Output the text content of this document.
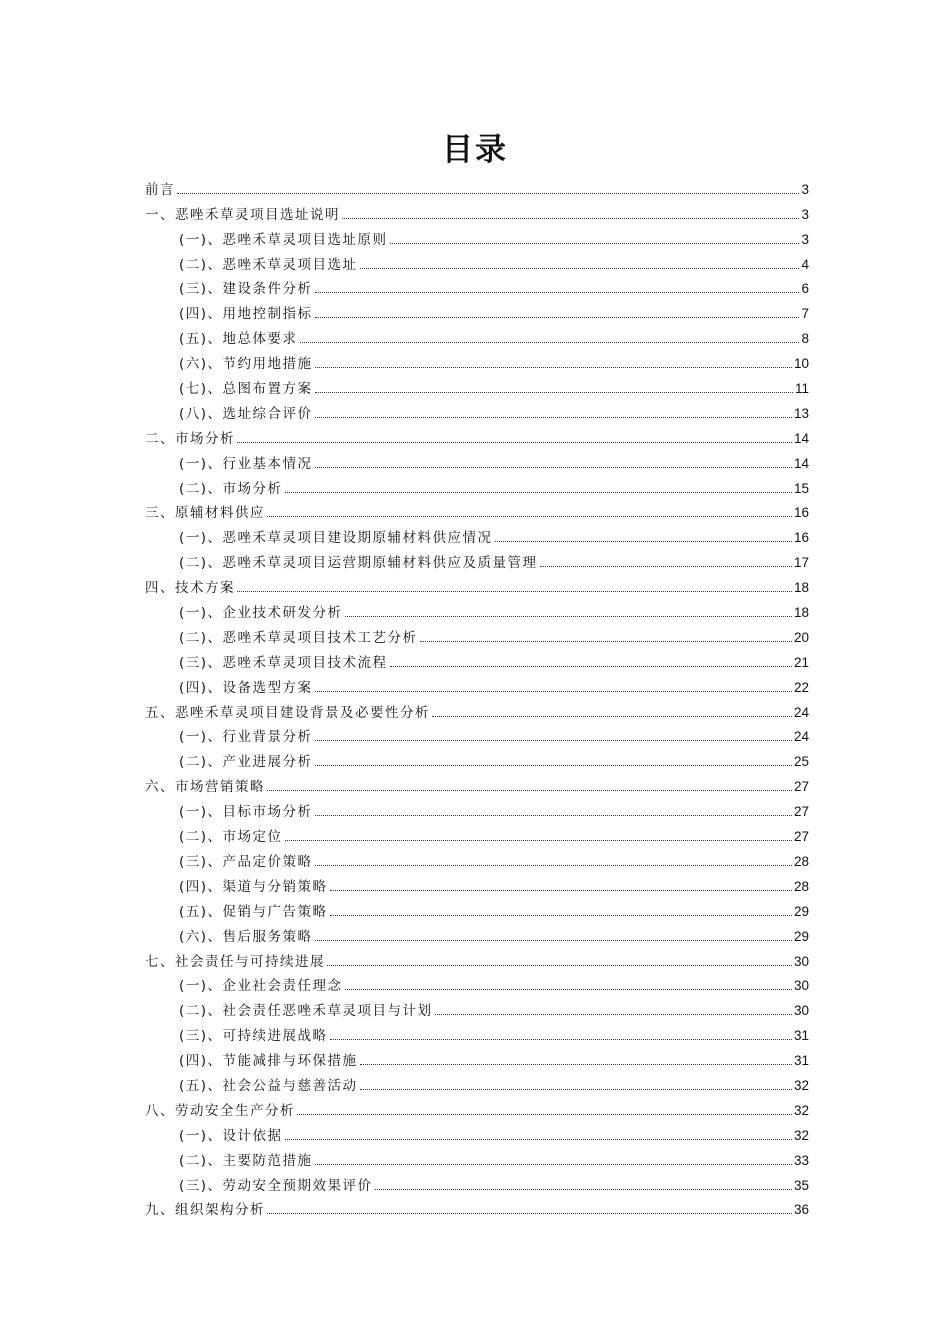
目录
前言	3
一、恶唑禾草灵项目选址说明	3
(一)、恶唑禾草灵项目选址原则	3
(二)、恶唑禾草灵项目选址	4
(三)、建设条件分析	6
(四)、用地控制指标	7
(五)、地总体要求	8
(六)、节约用地措施	10
(七)、总图布置方案	11
(八)、选址综合评价	13
二、市场分析	14
(一)、行业基本情况	14
(二)、市场分析	15
三、原辅材料供应	16
(一)、恶唑禾草灵项目建设期原辅材料供应情况	16
(二)、恶唑禾草灵项目运营期原辅材料供应及质量管理	17
四、技术方案	18
(一)、企业技术研发分析	18
(二)、恶唑禾草灵项目技术工艺分析	20
(三)、恶唑禾草灵项目技术流程	21
(四)、设备选型方案	22
五、恶唑禾草灵项目建设背景及必要性分析	24
(一)、行业背景分析	24
(二)、产业进展分析	25
六、市场营销策略	27
(一)、目标市场分析	27
(二)、市场定位	27
(三)、产品定价策略	28
(四)、渠道与分销策略	28
(五)、促销与广告策略	29
(六)、售后服务策略	29
七、社会责任与可持续进展	30
(一)、企业社会责任理念	30
(二)、社会责任恶唑禾草灵项目与计划	30
(三)、可持续进展战略	31
(四)、节能减排与环保措施	31
(五)、社会公益与慈善活动	32
八、劳动安全生产分析	32
(一)、设计依据	32
(二)、主要防范措施	33
(三)、劳动安全预期效果评价	35
九、组织架构分析	36
